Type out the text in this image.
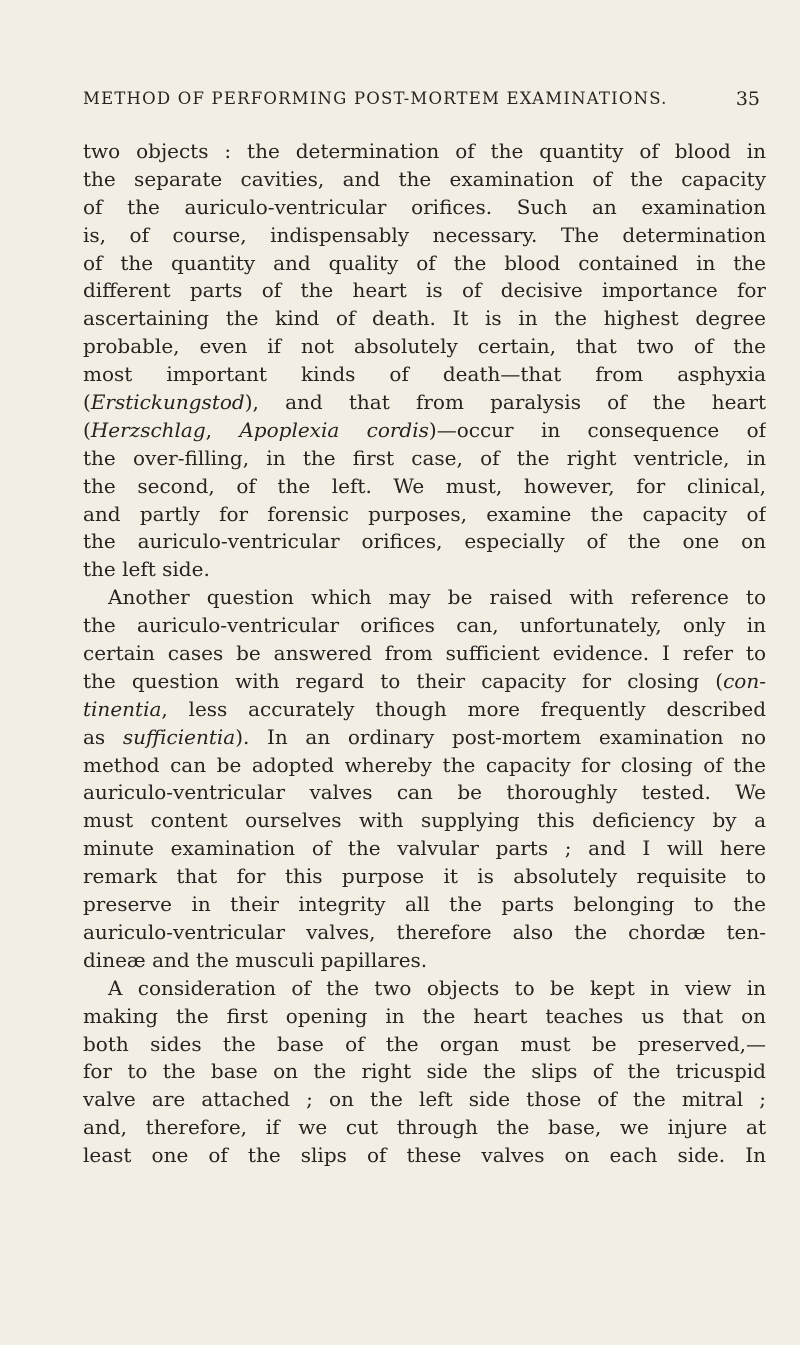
METHOD OF PERFORMING POST-MORTEM EXAMINATIONS.	35
two objects : the determination of the quantity of blood in
the separate cavities, and the examination of the capacity
of the auriculo-ventricular orifices. Such an examination
is, of course, indispensably necessary. The determination
of the quantity and quality of the blood contained in the
different parts of the heart is of decisive importance for
ascertaining the kind of death. It is in the highest degree
probable, even if not absolutely certain, that two of the
most important kinds of death—that from asphyxia
(Erstickungstod), and that from paralysis of the heart
(Herzschlag, Apoplexia cordis)—occur in consequence of
the over-filling, in the first case, of the right ventricle, in
the second, of the left. We must, however, for clinical,
and partly for forensic purposes, examine the capacity of
the auriculo-ventricular orifices, especially of the one on
the left side.
Another question which may be raised with reference to
the auriculo-ventricular orifices can, unfortunately, only in
certain cases be answered from sufficient evidence. I refer to
the question with regard to their capacity for closing (con-
tinentia, less accurately though more frequently described
as sufficientia). In an ordinary post-mortem examination no
method can be adopted whereby the capacity for closing of the
auriculo-ventricular valves can be thoroughly tested. We
must content ourselves with supplying this deficiency by a
minute examination of the valvular parts ; and I will here
remark that for this purpose it is absolutely requisite to
preserve in their integrity all the parts belonging to the
auriculo-ventricular valves, therefore also the chordæ ten-
dineæ and the musculi papillares.
A consideration of the two objects to be kept in view in
making the first opening in the heart teaches us that on
both sides the base of the organ must be preserved,—
for to the base on the right side the slips of the tricuspid
valve are attached ; on the left side those of the mitral ;
and, therefore, if we cut through the base, we injure at
least one of the slips of these valves on each side. In
